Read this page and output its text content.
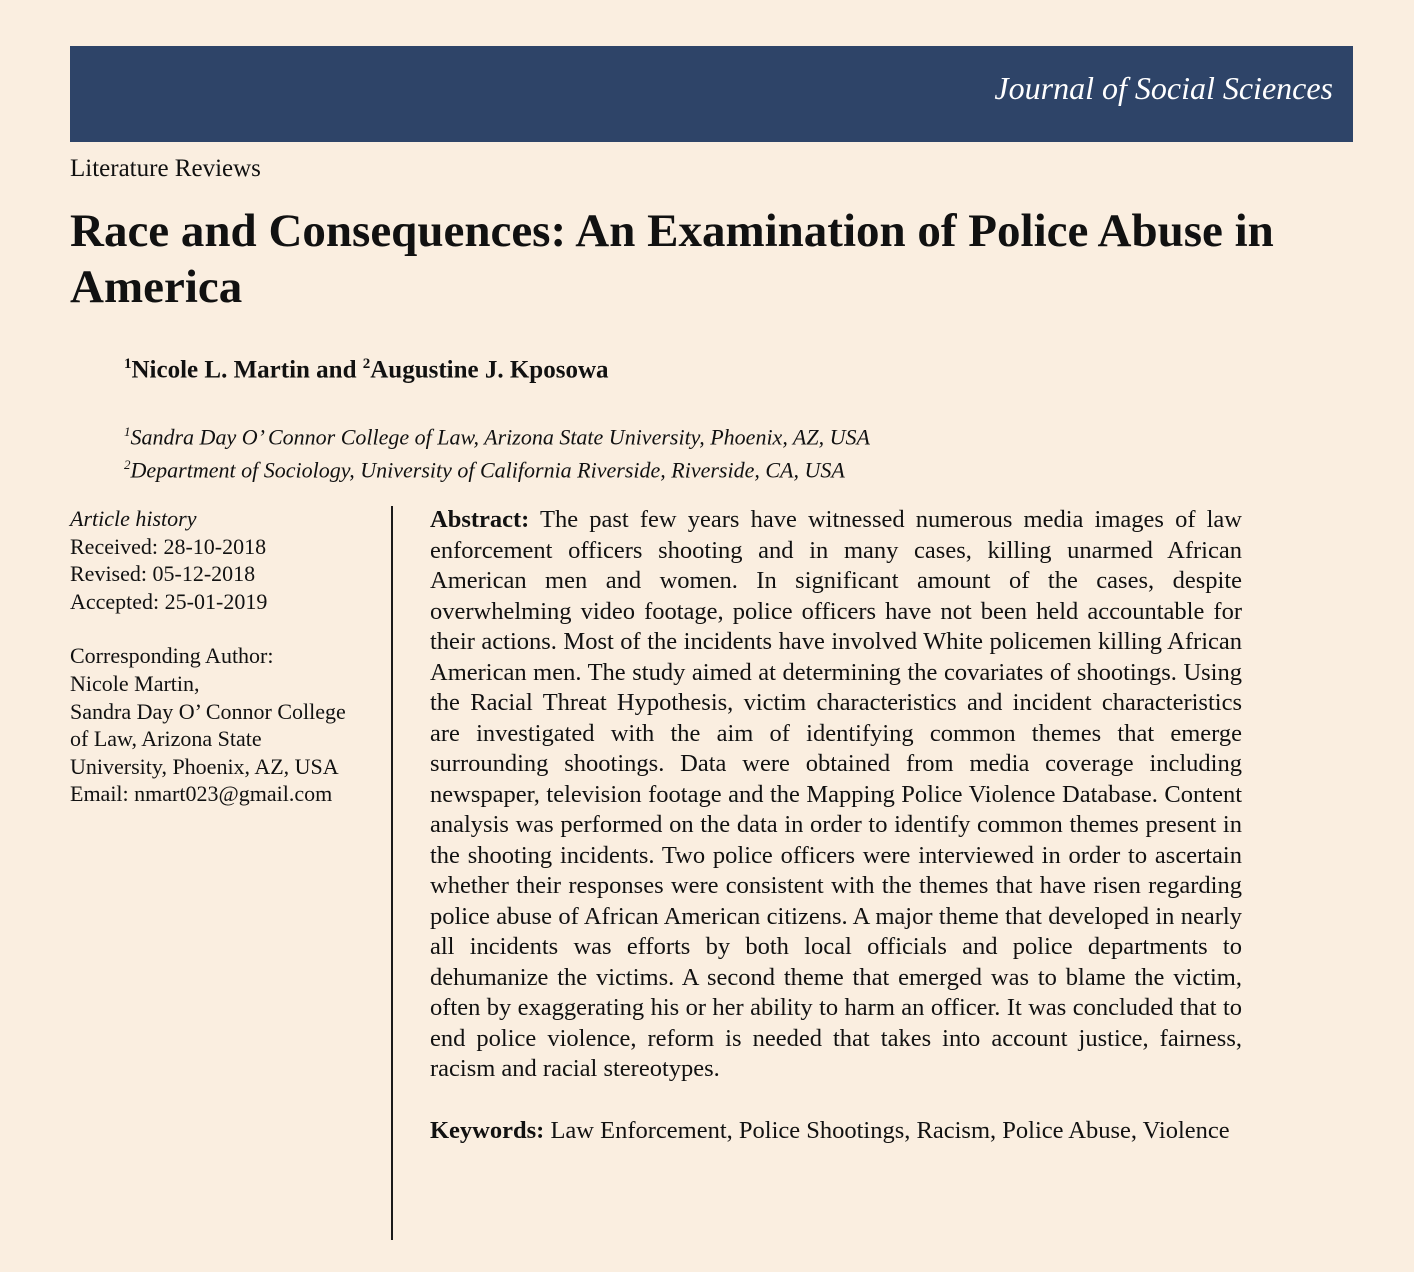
Journal of Social Sciences

Literature Reviews

Race and Consequences: An Examination of Police Abuse in America

$^1$Nicole L. Martin and $^2$Augustine J. Kposowa

$^1$Sandra Day O’ Connor College of Law, Arizona State University, Phoenix, AZ, USA
$^2$Department of Sociology, University of California Riverside, Riverside, CA, USA
Article history
Received: 28-10-2018
Revised: 05-12-2018
Accepted: 25-01-2019
Corresponding Author:
Nicole Martin,
Sandra Day O’ Connor College
of Law, Arizona State
University, Phoenix, AZ, USA
Email: nmart023@gmail.com

Abstract: The past few years have witnessed numerous media images of law enforcement officers shooting and in many cases, killing unarmed African American men and women. In significant amount of the cases, despite overwhelming video footage, police officers have not been held accountable for their actions. Most of the incidents have involved White policemen killing African American men. The study aimed at determining the covariates of shootings. Using the Racial Threat Hypothesis, victim characteristics and incident characteristics are investigated with the aim of identifying common themes that emerge surrounding shootings. Data were obtained from media coverage including newspaper, television footage and the Mapping Police Violence Database. Content analysis was performed on the data in order to identify common themes present in the shooting incidents. Two police officers were interviewed in order to ascertain whether their responses were consistent with the themes that have risen regarding police abuse of African American citizens. A major theme that developed in nearly all incidents was efforts by both local officials and police departments to dehumanize the victims. A second theme that emerged was to blame the victim, often by exaggerating his or her ability to harm an officer. It was concluded that to end police violence, reform is needed that takes into account justice, fairness, racism and racial stereotypes.

Keywords: Law Enforcement, Police Shootings, Racism, Police Abuse, Violence
